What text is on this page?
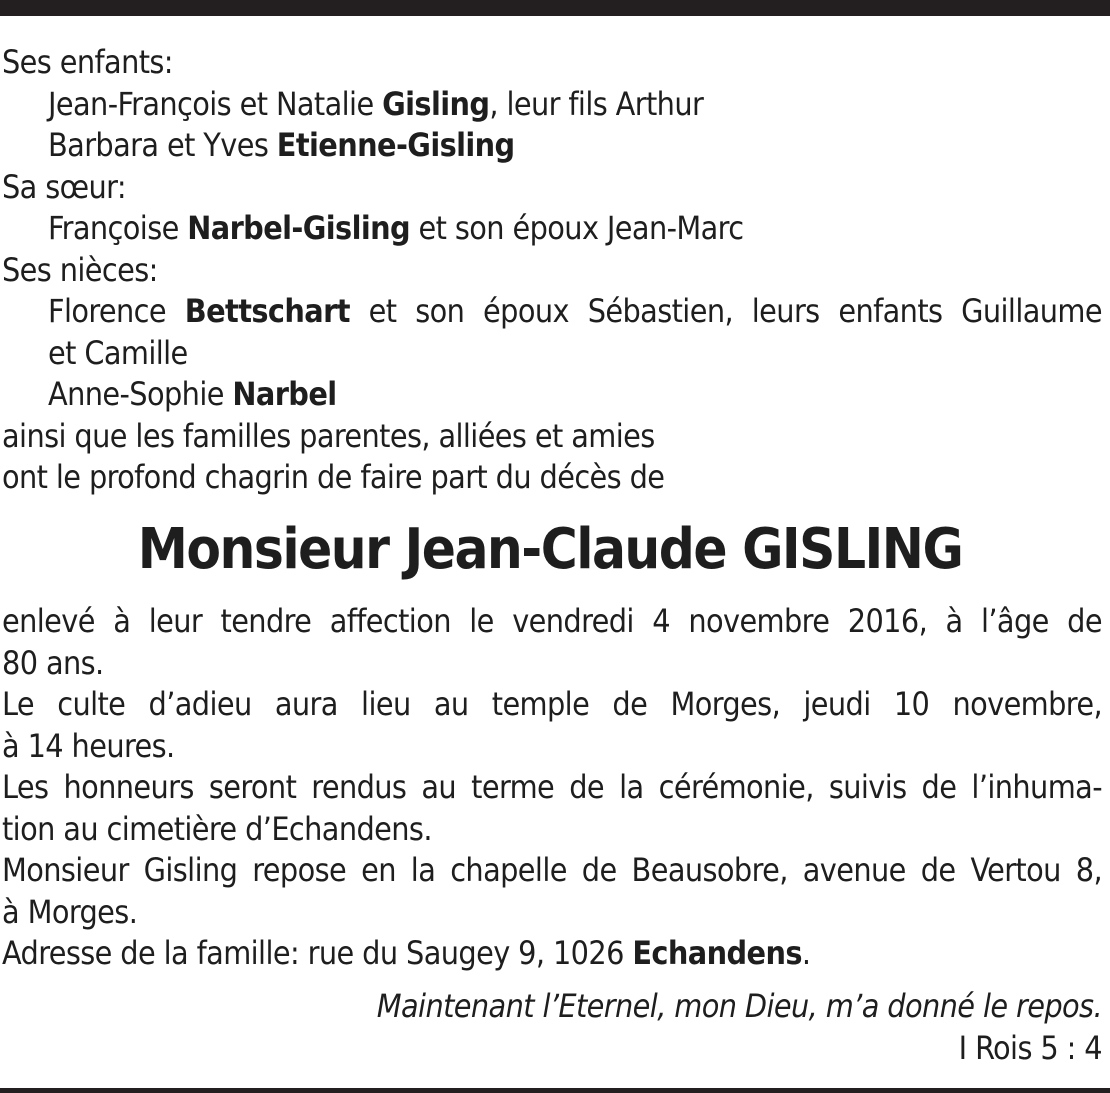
Ses enfants:
Jean-François et Natalie Gisling, leur fils Arthur
Barbara et Yves Etienne-Gisling
Sa sœur:
Françoise Narbel-Gisling et son époux Jean-Marc
Ses nièces:
Florence Bettschart et son époux Sébastien, leurs enfants Guillaume
et Camille
Anne-Sophie Narbel
ainsi que les familles parentes, alliées et amies
ont le profond chagrin de faire part du décès de
Monsieur Jean-Claude GISLING
enlevé à leur tendre affection le vendredi 4 novembre 2016, à l’âge de
80 ans.
Le culte d’adieu aura lieu au temple de Morges, jeudi 10 novembre,
à 14 heures.
Les honneurs seront rendus au terme de la cérémonie, suivis de l’inhuma-
tion au cimetière d’Echandens.
Monsieur Gisling repose en la chapelle de Beausobre, avenue de Vertou 8,
à Morges.
Adresse de la famille: rue du Saugey 9, 1026 Echandens.
Maintenant l’Eternel, mon Dieu, m’a donné le repos.
I Rois 5 : 4
